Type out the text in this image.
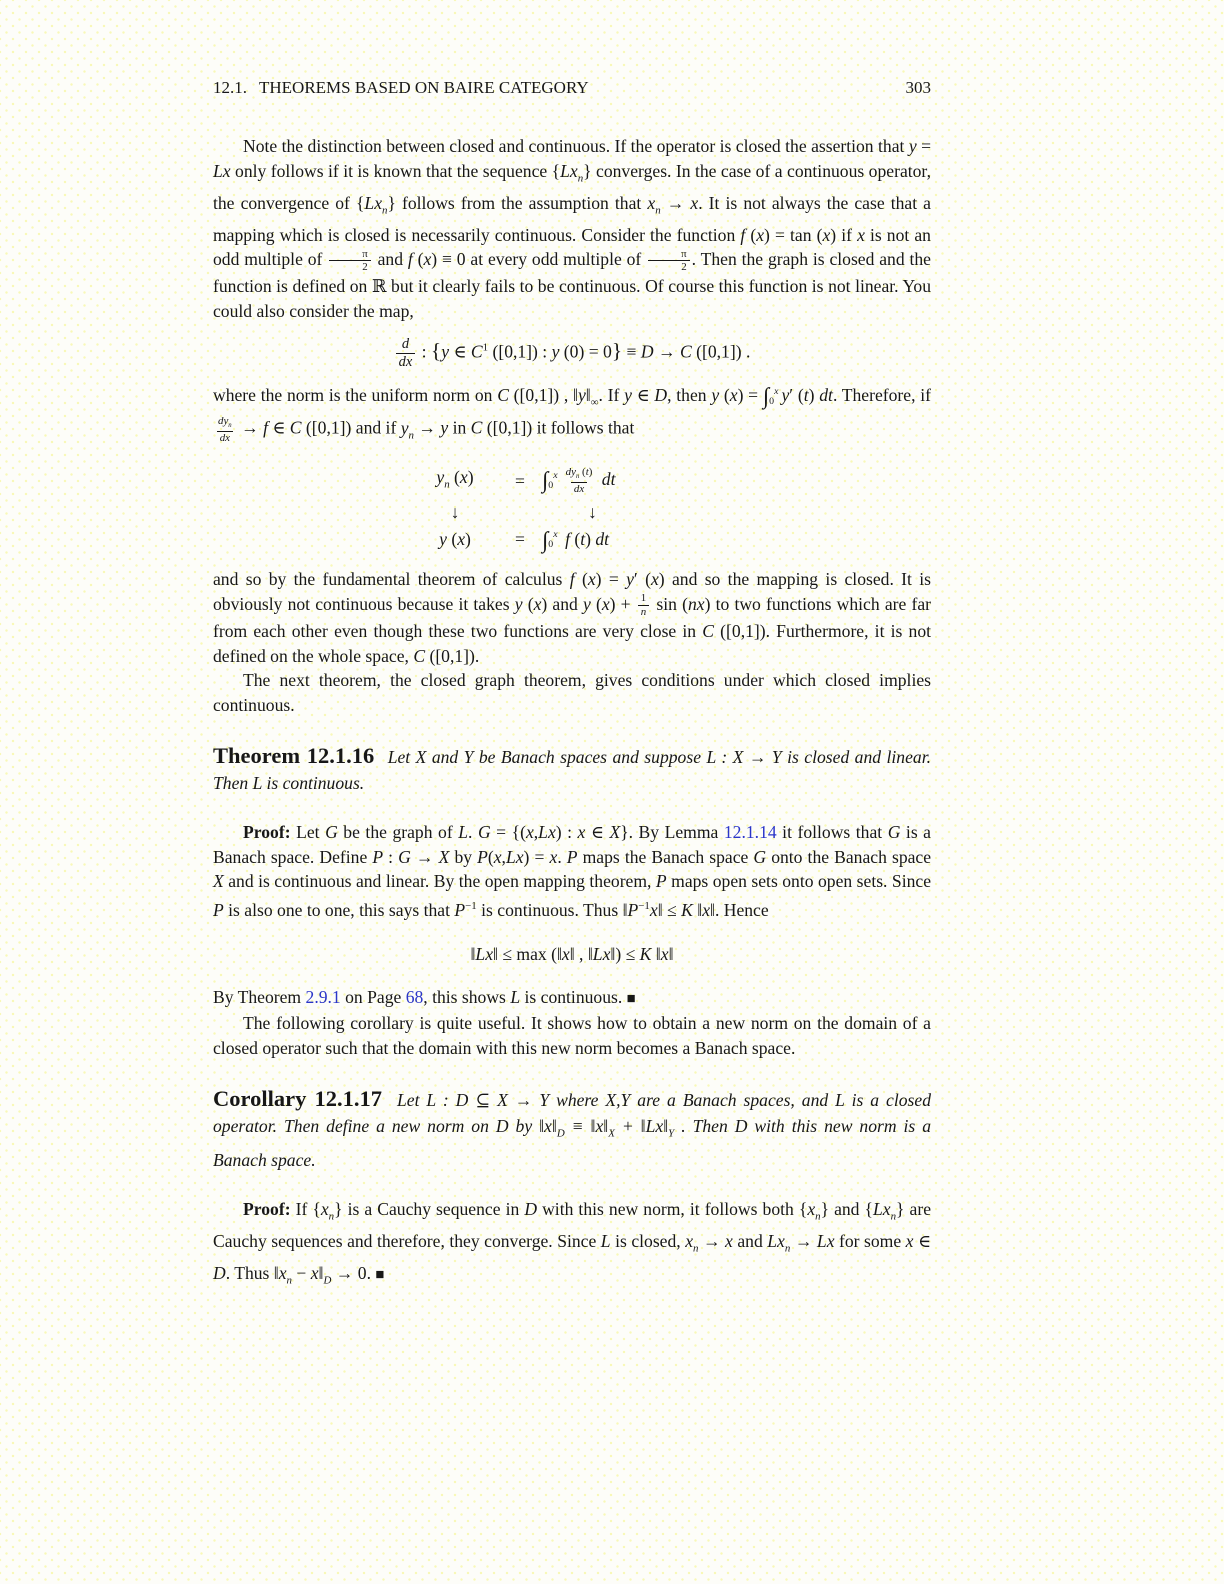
12.1. THEOREMS BASED ON BAIRE CATEGORY	303

Note the distinction between closed and continuous. If the operator is closed the assertion that y = Lx only follows if it is known that the sequence $\{Lx_n\}$ converges. In the case of a continuous operator, the convergence of $\{Lx_n\}$ follows from the assumption that $x_n \to x$. It is not always the case that a mapping which is closed is necessarily continuous. Consider the function f (x) = tan (x) if x is not an odd multiple of $\frac{\pi}{2}$ and f (x) ≡ 0 at every odd multiple of $\frac{\pi}{2}$ . Then the graph is closed and the function is defined on ℝ but it clearly fails to be continuous. Of course this function is not linear. You could also consider the map,

$\frac{d}{dx}$ : {y ∈ $C^1$ ([0,1]) : y (0) = 0} ≡ D → C ([0,1]) .

where the norm is the uniform norm on C ([0,1]) , $‖y‖_\infty$. If y ∈ D, then y (x) = ∫ x
0 y′ (t) dt. Therefore, if
$\frac{dy_n}{dx} \to f$ ∈ C ([0,1]) and if $y_n \to y$ in C ([0,1]) it follows that

$y_n$ (x)	= ∫ x
$0 \frac{dy_n (t)}{dx}$ dt
↓	↓
y (x)	= ∫ x
0 f (t) dt

and so by the fundamental theorem of calculus f (x) = y′ (x) and so the mapping is closed. It is obviously not continuous because it takes y (x) and y $(x) + \frac{1}{n}$ sin (nx) to two functions which are far from each other even though these two functions are very close in C ([0,1]). Furthermore, it is not defined on the whole space, C ([0,1]).

The next theorem, the closed graph theorem, gives conditions under which closed implies continuous.

Theorem 12.1.16 Let X and Y be Banach spaces and suppose L : X → Y is closed and linear. Then L is continuous.

Proof: Let G be the graph of L. G = {(x,Lx) : x ∈ X}. By Lemma 12.1.14 it follows that G is a Banach space. Define P : G → X by P(x,Lx) = x. P maps the Banach space G onto the Banach space X and is continuous and linear. By the open mapping theorem, P maps open sets onto open sets. Since P is also one to one, this says that $P^{-1}$ is continuous. Thus $‖P^{-1}x‖ \le K$ ‖x‖. Hence

‖Lx‖ ≤ max (‖x‖ , ‖Lx‖) ≤ K ‖x‖

By Theorem 2.9.1 on Page 68, this shows L is continuous. ■

The following corollary is quite useful. It shows how to obtain a new norm on the domain of a closed operator such that the domain with this new norm becomes a Banach space.

Corollary 12.1.17 Let L : D ⊆ X → Y where X,Y are a Banach spaces, and L is a closed operator. Then define a new norm on D by $‖x‖_D$ ≡ $‖x‖_X$ + $‖Lx‖_Y$ . Then D with this new norm is a Banach space.

Proof: If $\{x_n\}$ is a Cauchy sequence in D with this new norm, it follows both $\{x_n\}$ and $\{Lx_n\}$ are Cauchy sequences and therefore, they converge. Since L is closed, $x_n \to x$ and $Lx_n \to Lx$ for some x ∈ D. Thus $‖x_n$ − $x‖_D \to 0$. ■
